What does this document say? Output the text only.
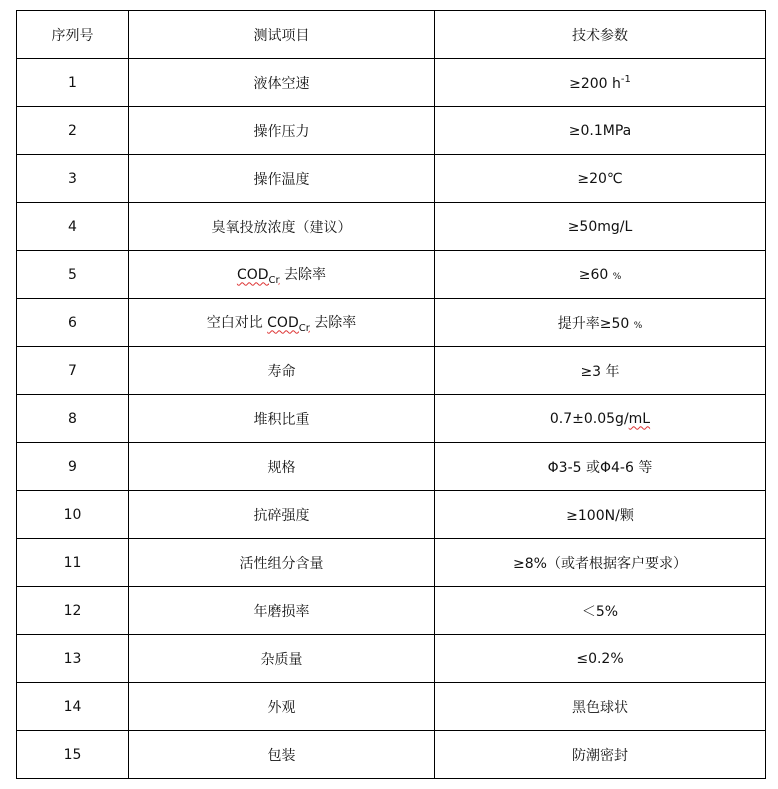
序列号	测试项目	技术参数
1	液体空速	≥200 $h^{-1}$
2	操作压力	≥0.1MPa
3	操作温度	≥20℃
4	臭氧投放浓度（建议）	≥50mg/L
5	$COD_{Cr}$ 去除率	≥60 %
6	空白对比 $COD_{Cr}$ 去除率	提升率≥50 %
7	寿命	≥3 年
8	堆积比重	0.7±0.05g/mL
9	规格	Φ3-5 或Φ4-6 等
10	抗碎强度	≥100N/颗
11	活性组分含量	≥8%（或者根据客户要求）
12	年磨损率	＜5%
13	杂质量	≤0.2%
14	外观	黑色球状
15	包装	防潮密封
